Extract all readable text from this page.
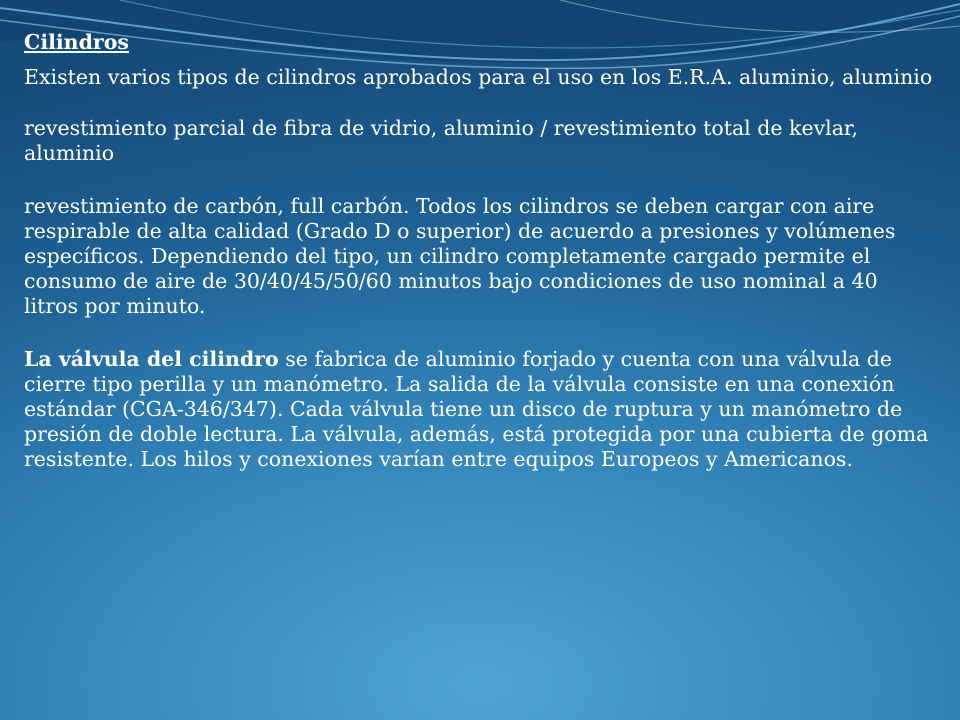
Cilindros

Existen varios tipos de cilindros aprobados para el uso en los E.R.A. aluminio, aluminio

revestimiento parcial de fibra de vidrio, aluminio / revestimiento total de kevlar, aluminio

revestimiento de carbón, full carbón. Todos los cilindros se deben cargar con aire respirable de alta calidad (Grado D o superior) de acuerdo a presiones y volúmenes específicos. Dependiendo del tipo, un cilindro completamente cargado permite el consumo de aire de 30/40/45/50/60 minutos bajo condiciones de uso nominal a 40 litros por minuto.

La válvula del cilindro se fabrica de aluminio forjado y cuenta con una válvula de cierre tipo perilla y un manómetro. La salida de la válvula consiste en una conexión estándar (CGA-346/347). Cada válvula tiene un disco de ruptura y un manómetro de presión de doble lectura. La válvula, además, está protegida por una cubierta de goma resistente. Los hilos y conexiones varían entre equipos Europeos y Americanos.
